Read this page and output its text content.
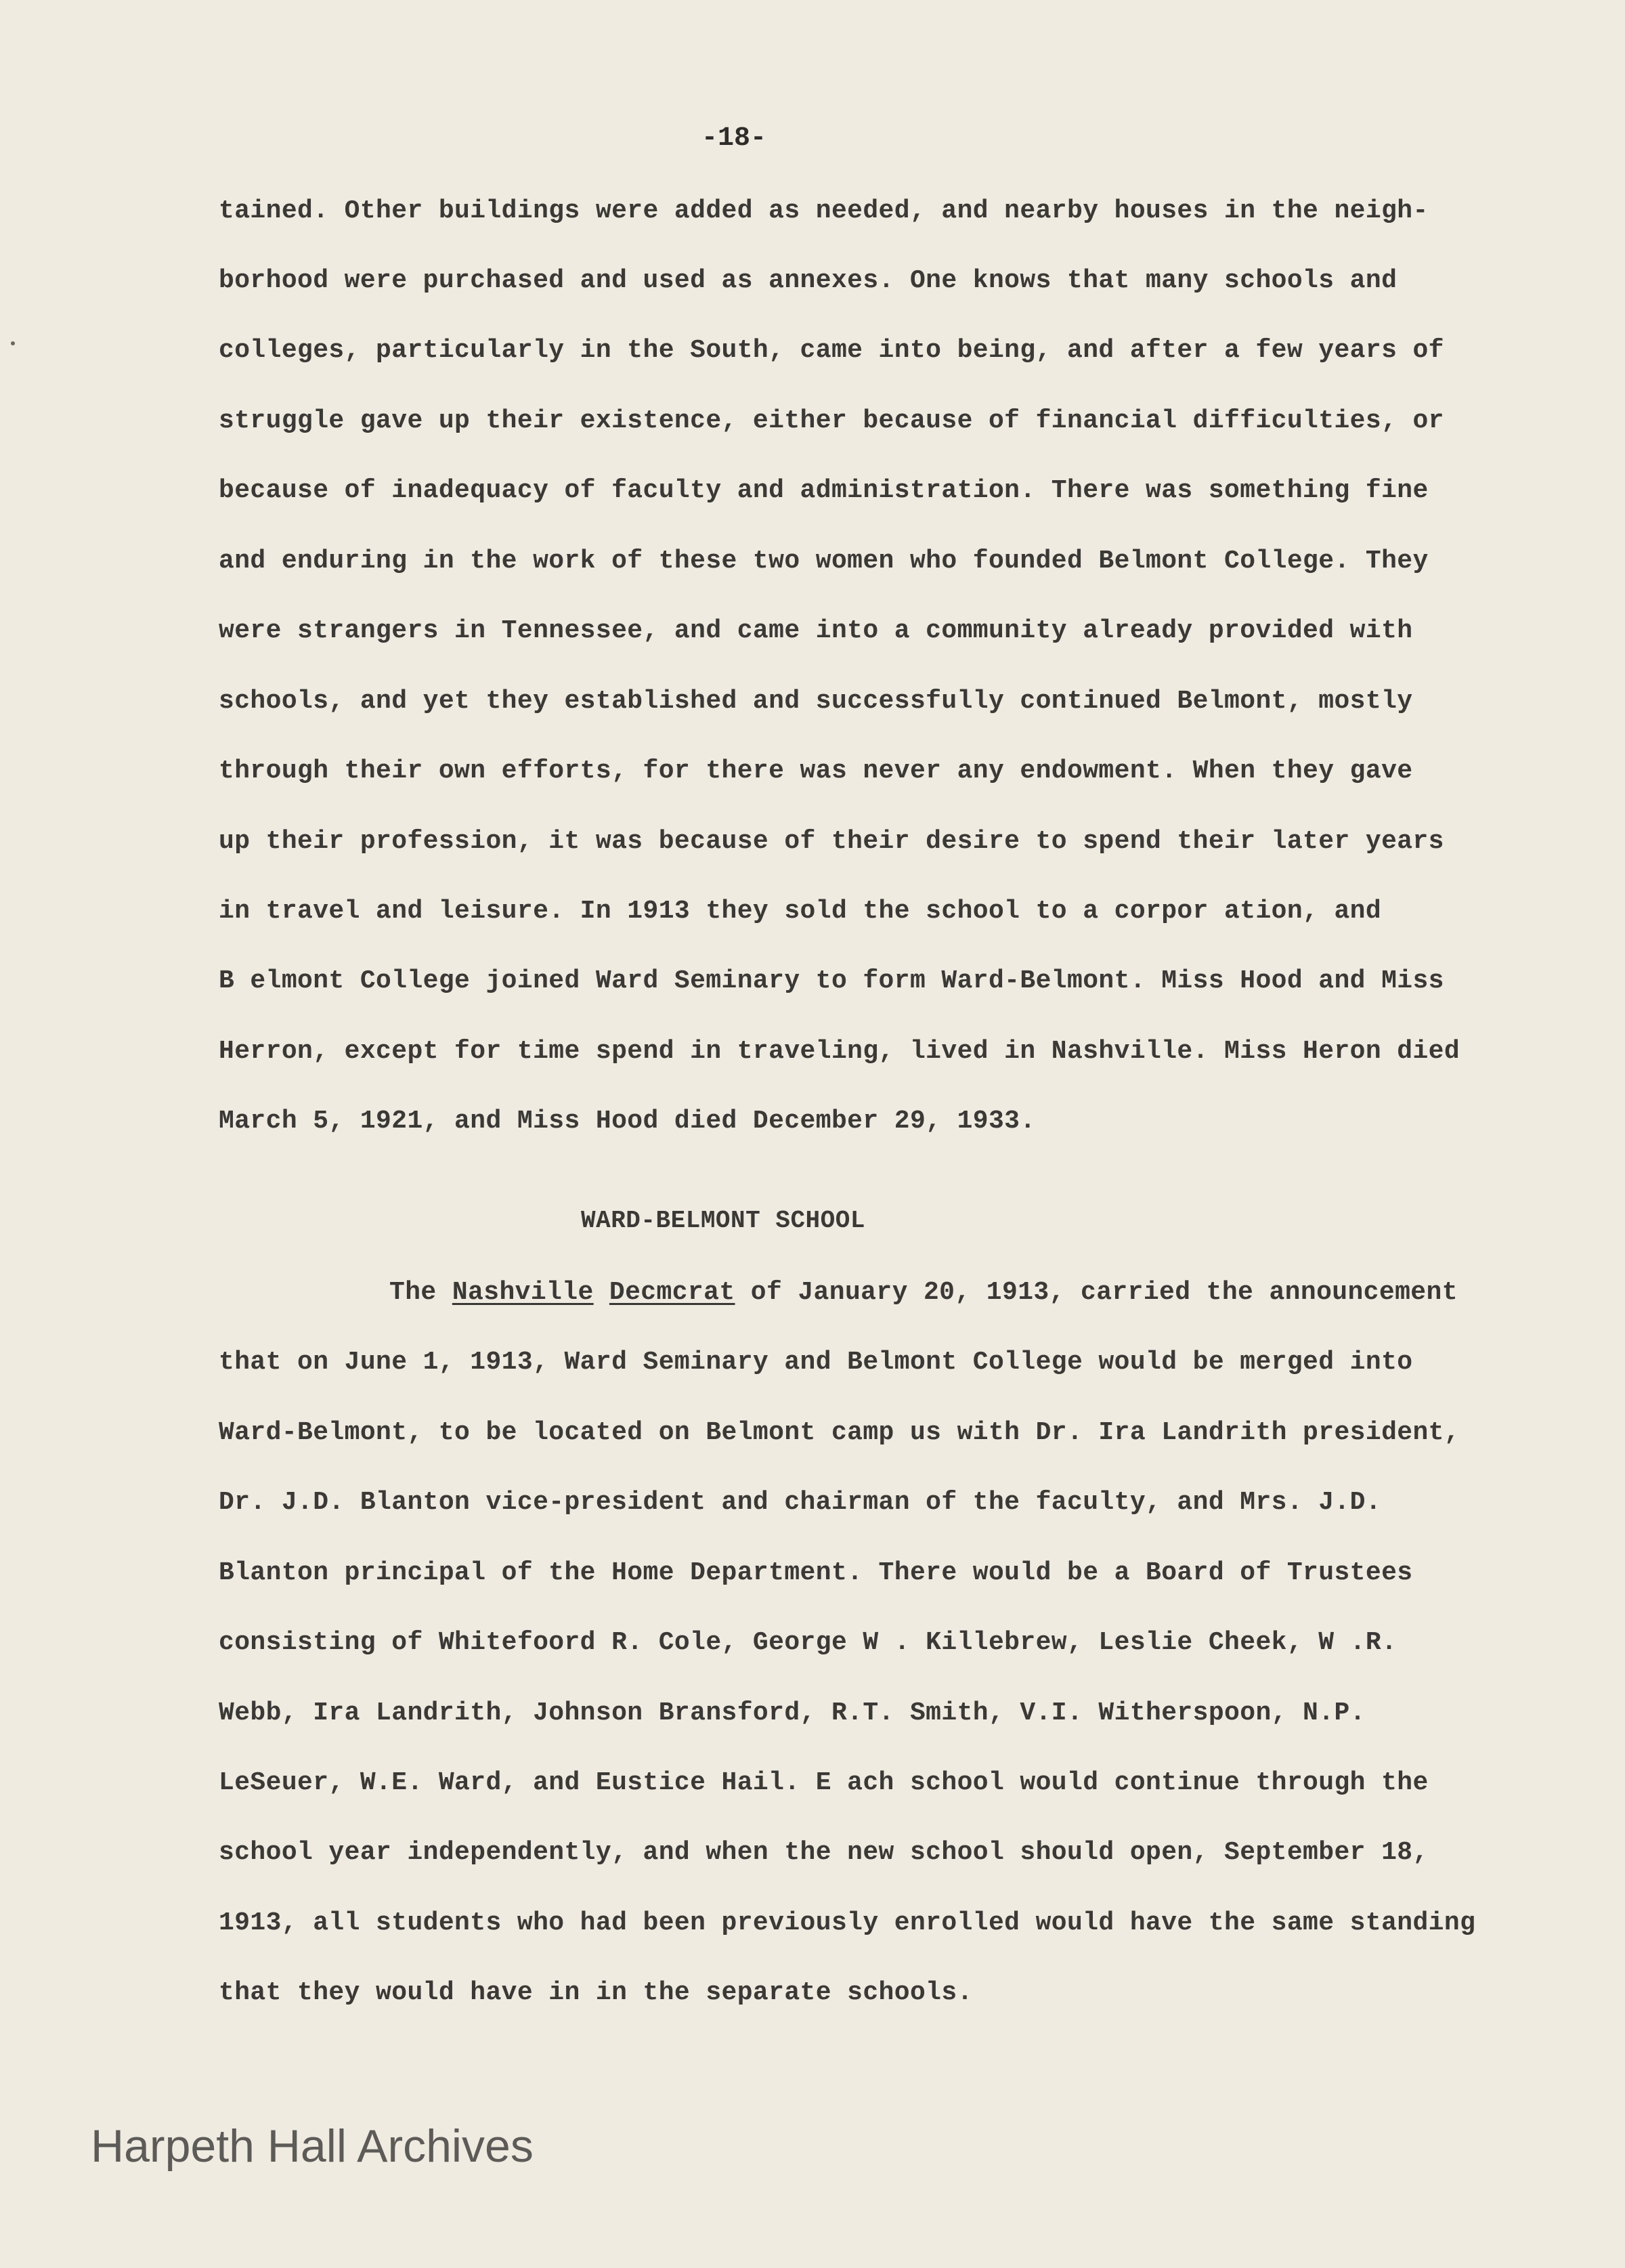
-18-
tained. Other buildings were added as needed, and nearby houses in the neigh-
borhood were purchased and used as annexes. One knows that many schools and
colleges, particularly in the South, came into being, and after a few years of
struggle gave up their existence, either because of financial difficulties, or
because of inadequacy of faculty and administration. There was something fine
and enduring in the work of these two women who founded Belmont College. They
were strangers in Tennessee, and came into a community already provided with
schools, and yet they established and successfully continued Belmont, mostly
through their own efforts, for there was never any endowment. When they gave
up their profession, it was because of their desire to spend their later years
in travel and leisure. In 1913 they sold the school to a corpor ation, and
B elmont College joined Ward Seminary to form Ward-Belmont. Miss Hood and Miss
Herron, except for time spend in traveling, lived in Nashville. Miss Heron died
March 5, 1921, and Miss Hood died December 29, 1933.
WARD-BELMONT SCHOOL
The Nashville Decmcrat of January 20, 1913, carried the announcement
that on June 1, 1913, Ward Seminary and Belmont College would be merged into
Ward-Belmont, to be located on Belmont camp us with Dr. Ira Landrith president,
Dr. J.D. Blanton vice-president and chairman of the faculty, and Mrs. J.D.
Blanton principal of the Home Department. There would be a Board of Trustees
consisting of Whitefoord R. Cole, George W . Killebrew, Leslie Cheek, W .R.
Webb, Ira Landrith, Johnson Bransford, R.T. Smith, V.I. Witherspoon, N.P.
LeSeuer, W.E. Ward, and Eustice Hail. E ach school would continue through the
school year independently, and when the new school should open, September 18,
1913, all students who had been previously enrolled would have the same standing
that they would have in in the separate schools.
Harpeth Hall Archives
